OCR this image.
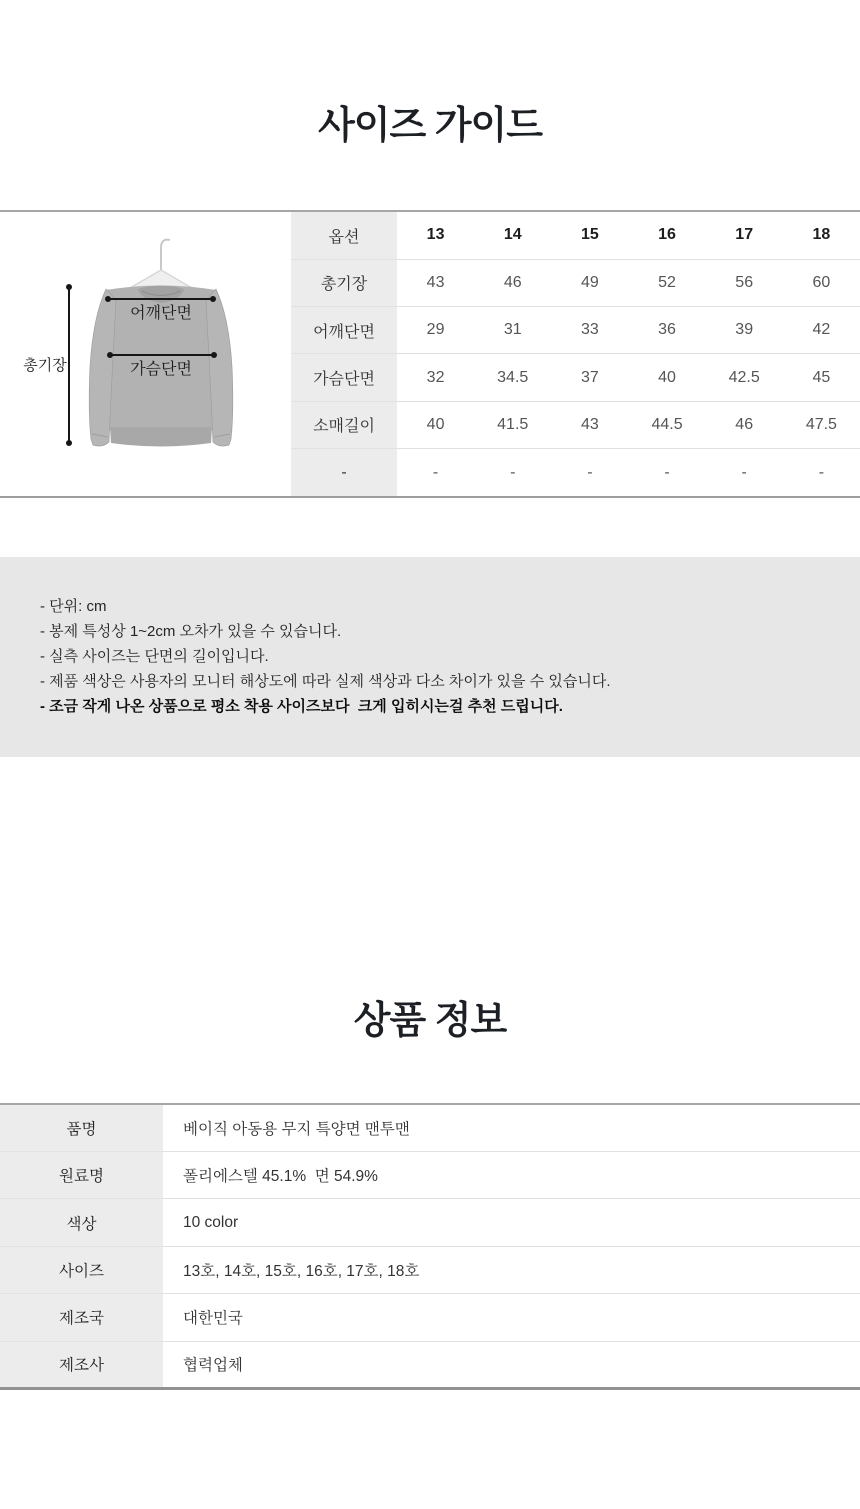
사이즈 가이드
총기장
어깨단면
가슴단면
옵션	13	14	15	16	17	18
총기장	43	46	49	52	56	60
어깨단면	29	31	33	36	39	42
가슴단면	32	34.5	37	40	42.5	45
소매길이	40	41.5	43	44.5	46	47.5
-	-	-	-	-	-	-

- 단위: cm

- 봉제 특성상 1~2cm 오차가 있을 수 있습니다.

- 실측 사이즈는 단면의 길이입니다.

- 제품 색상은 사용자의 모니터 해상도에 따라 실제 색상과 다소 차이가 있을 수 있습니다.

- 조금 작게 나온 상품으로 평소 착용 사이즈보다  크게 입히시는걸 추천 드립니다.

상품 정보
품명	베이직 아동용 무지 특양면 맨투맨
원료명	폴리에스텔 45.1%  면 54.9%
색상	10 color
사이즈	13호, 14호, 15호, 16호, 17호, 18호
제조국	대한민국
제조사	협력업체
